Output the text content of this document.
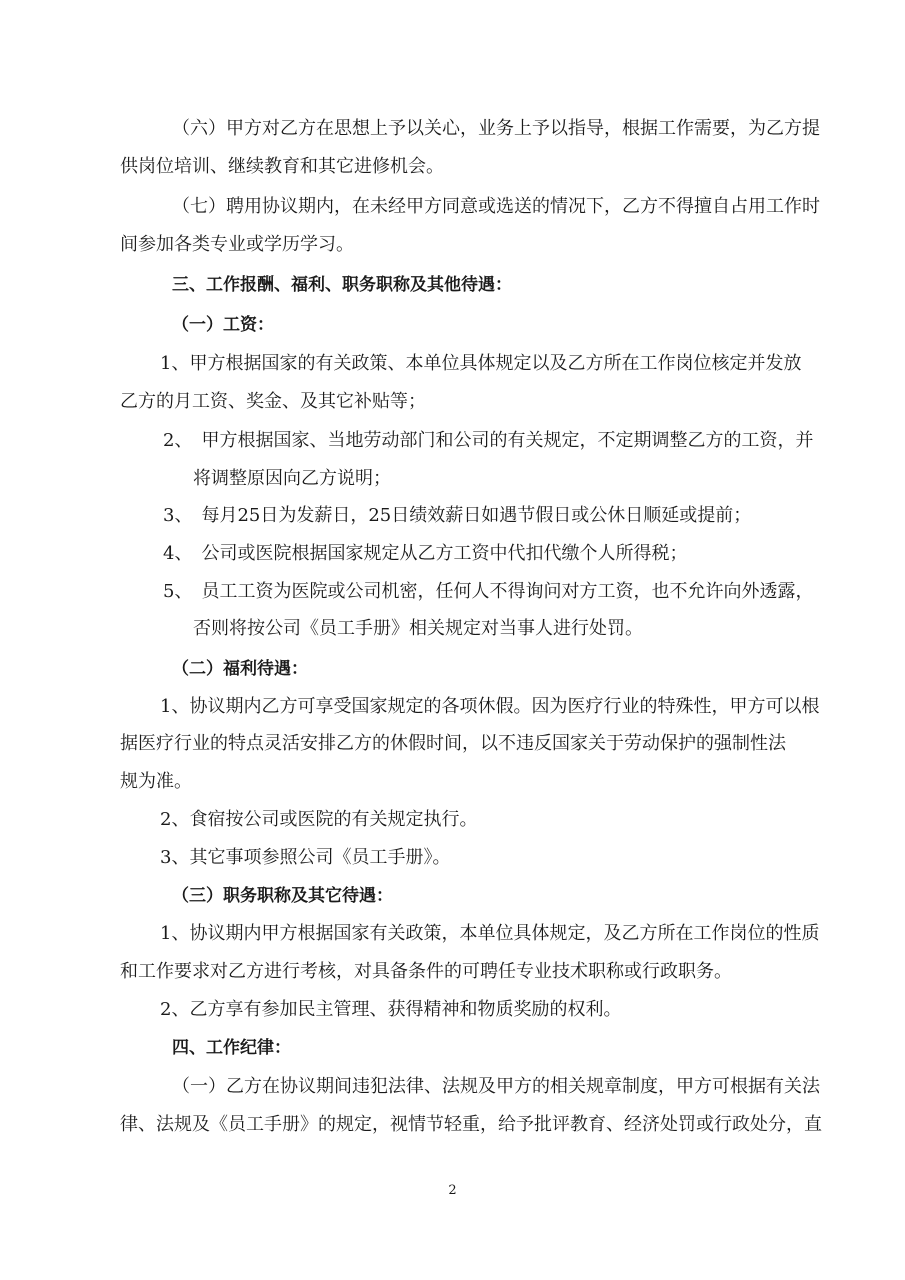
（六）甲方对乙方在思想上予以关心，业务上予以指导，根据工作需要，为乙方提
供岗位培训、继续教育和其它进修机会。
（七）聘用协议期内，在未经甲方同意或选送的情况下，乙方不得擅自占用工作时
间参加各类专业或学历学习。
三、工作报酬、福利、职务职称及其他待遇：
（一）工资：
1、甲方根据国家的有关政策、本单位具体规定以及乙方所在工作岗位核定并发放
乙方的月工资、奖金、及其它补贴等；
2、　甲方根据国家、当地劳动部门和公司的有关规定，不定期调整乙方的工资，并
将调整原因向乙方说明；
3、　每月25日为发薪日，25日绩效薪日如遇节假日或公休日顺延或提前；
4、　公司或医院根据国家规定从乙方工资中代扣代缴个人所得税；
5、　员工工资为医院或公司机密，任何人不得询问对方工资，也不允许向外透露，
否则将按公司《员工手册》相关规定对当事人进行处罚。
（二）福利待遇：
1、协议期内乙方可享受国家规定的各项休假。因为医疗行业的特殊性，甲方可以根
据医疗行业的特点灵活安排乙方的休假时间，以不违反国家关于劳动保护的强制性法
规为准。
2、食宿按公司或医院的有关规定执行。
3、其它事项参照公司《员工手册》。
（三）职务职称及其它待遇：
1、协议期内甲方根据国家有关政策，本单位具体规定，及乙方所在工作岗位的性质
和工作要求对乙方进行考核，对具备条件的可聘任专业技术职称或行政职务。
2、乙方享有参加民主管理、获得精神和物质奖励的权利。
四、工作纪律：
（一）乙方在协议期间违犯法律、法规及甲方的相关规章制度，甲方可根据有关法
律、法规及《员工手册》的规定，视情节轻重，给予批评教育、经济处罚或行政处分，直
2
